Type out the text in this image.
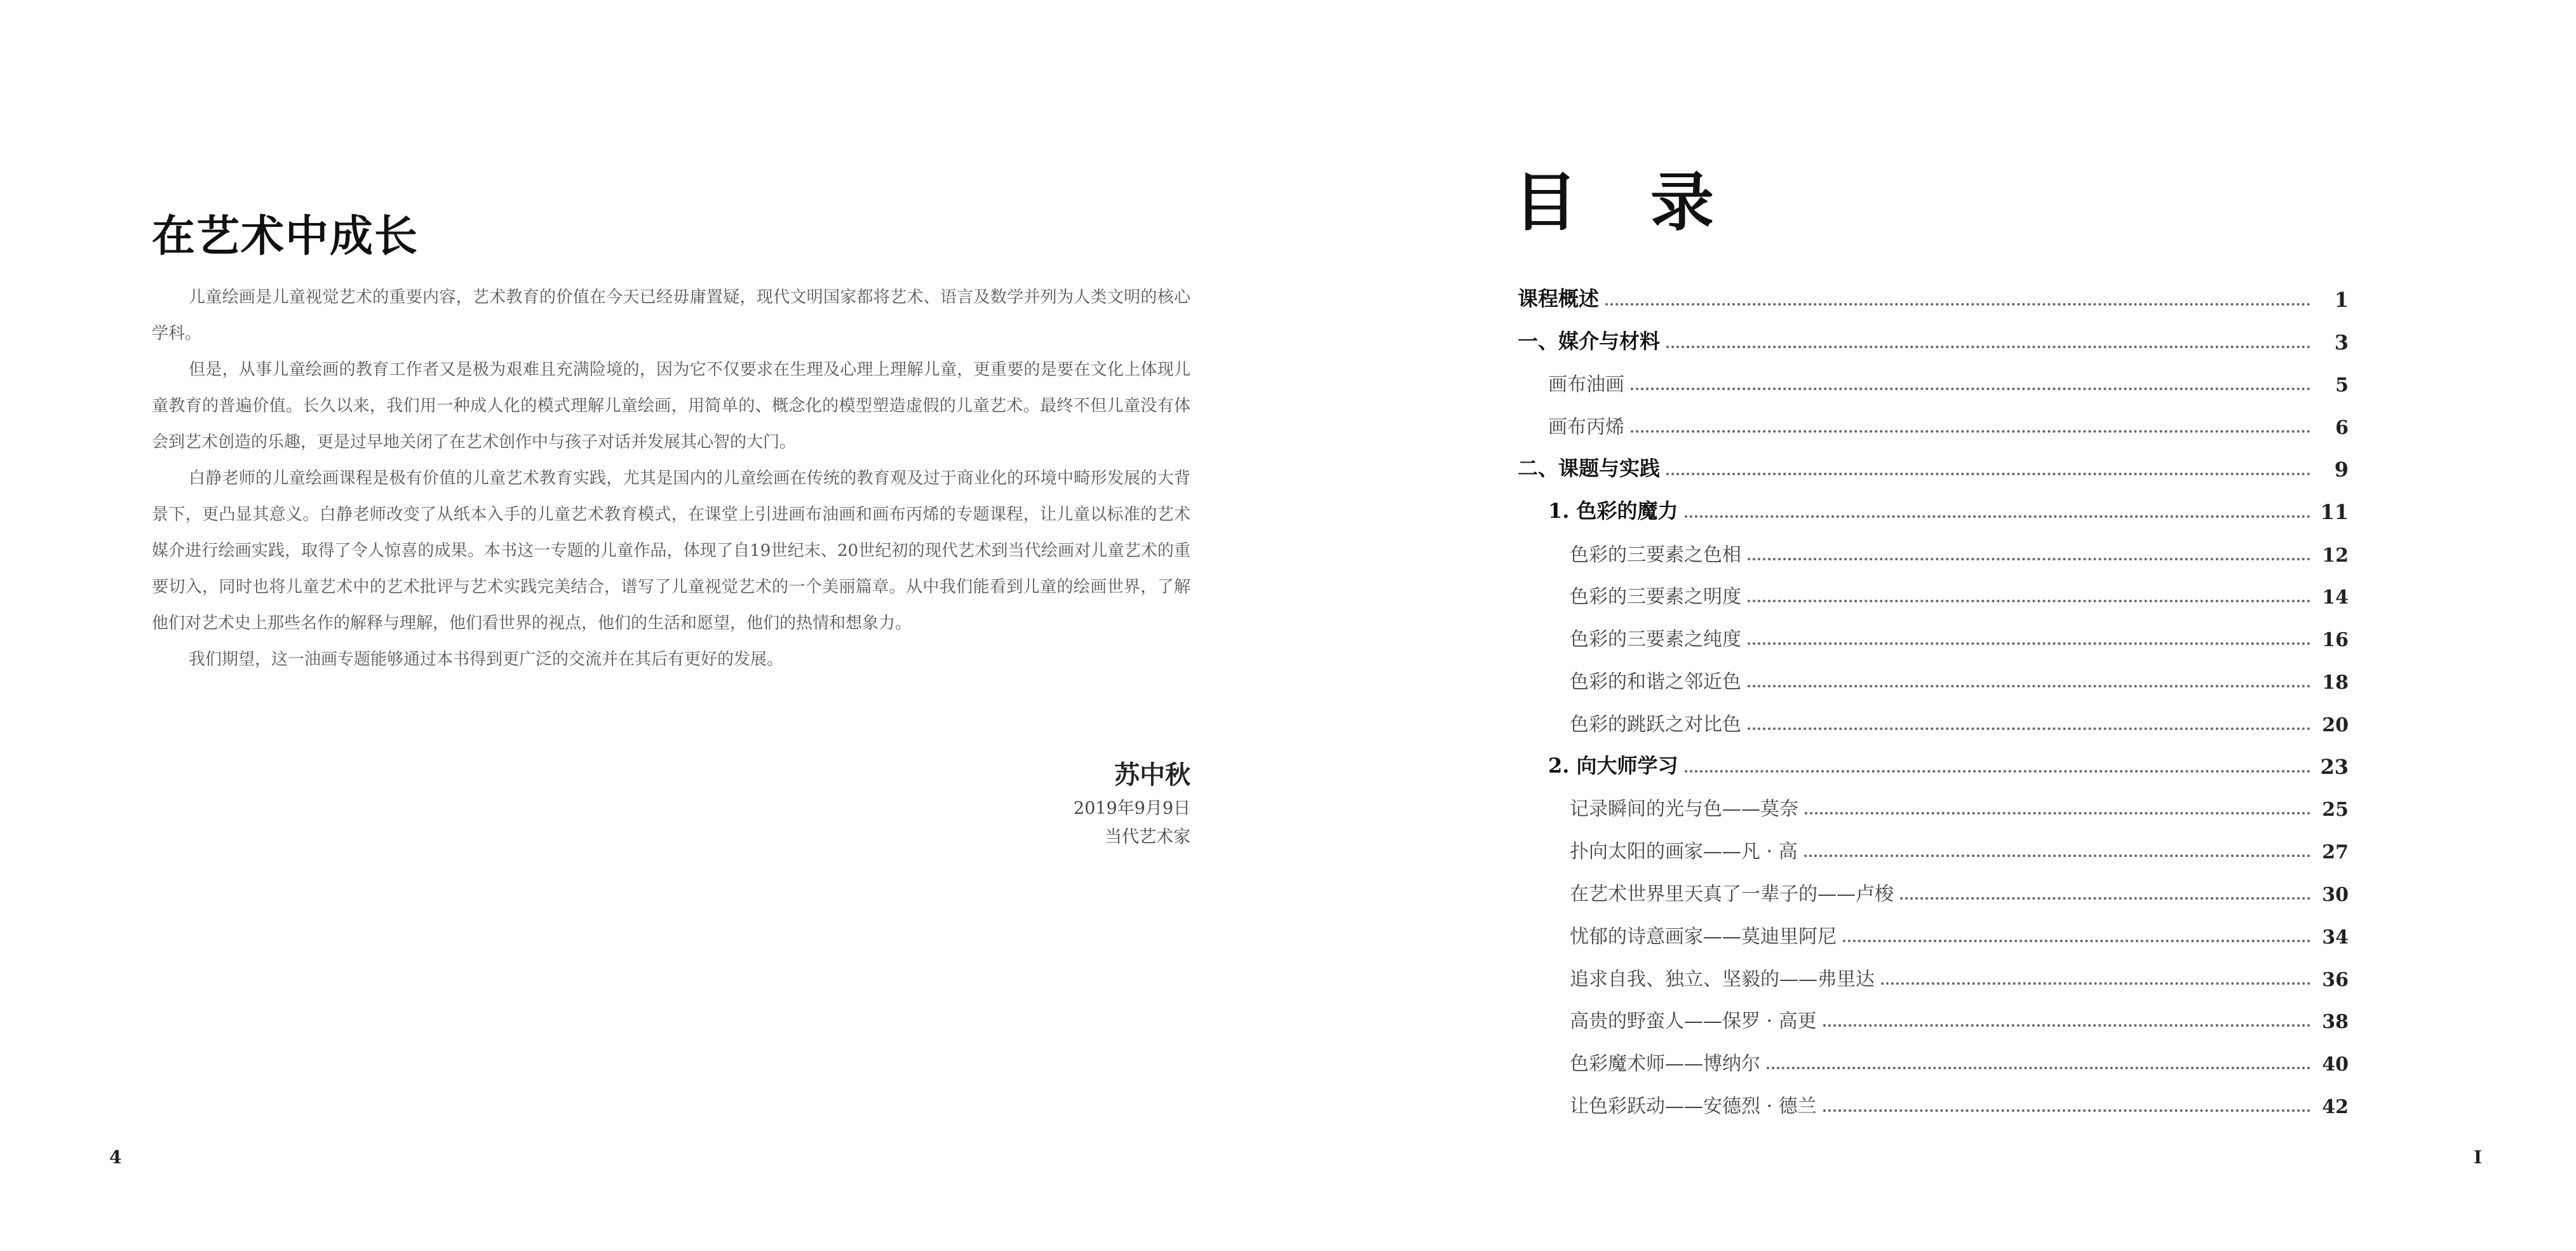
在艺术中成长

儿童绘画是儿童视觉艺术的重要内容，艺术教育的价值在今天已经毋庸置疑，现代文明国家都将艺术、语言及数学并列为人类文明的核心学科。

但是，从事儿童绘画的教育工作者又是极为艰难且充满险境的，因为它不仅要求在生理及心理上理解儿童，更重要的是要在文化上体现儿童教育的普遍价值。长久以来，我们用一种成人化的模式理解儿童绘画，用简单的、概念化的模型塑造虚假的儿童艺术。最终不但儿童没有体会到艺术创造的乐趣，更是过早地关闭了在艺术创作中与孩子对话并发展其心智的大门。

白静老师的儿童绘画课程是极有价值的儿童艺术教育实践，尤其是国内的儿童绘画在传统的教育观及过于商业化的环境中畸形发展的大背景下，更凸显其意义。白静老师改变了从纸本入手的儿童艺术教育模式，在课堂上引进画布油画和画布丙烯的专题课程，让儿童以标准的艺术媒介进行绘画实践，取得了令人惊喜的成果。本书这一专题的儿童作品，体现了自19世纪末、20世纪初的现代艺术到当代绘画对儿童艺术的重要切入，同时也将儿童艺术中的艺术批评与艺术实践完美结合，谱写了儿童视觉艺术的一个美丽篇章。从中我们能看到儿童的绘画世界，了解他们对艺术史上那些名作的解释与理解，他们看世界的视点，他们的生活和愿望，他们的热情和想象力。

我们期望，这一油画专题能够通过本书得到更广泛的交流并在其后有更好的发展。

苏中秋
2019年9月9日
当代艺术家
4
目 录
课程概述	1
一、媒介与材料	3
画布油画	5
画布丙烯	6
二、课题与实践	9
1. 色彩的魔力	11
色彩的三要素之色相	12
色彩的三要素之明度	14
色彩的三要素之纯度	16
色彩的和谐之邻近色	18
色彩的跳跃之对比色	20
2. 向大师学习	23
记录瞬间的光与色——莫奈	25
扑向太阳的画家——凡 · 高	27
在艺术世界里天真了一辈子的——卢梭	30
忧郁的诗意画家——莫迪里阿尼	34
追求自我、独立、坚毅的——弗里达	36
高贵的野蛮人——保罗 · 高更	38
色彩魔术师——博纳尔	40
让色彩跃动——安德烈 · 德兰	42
I
